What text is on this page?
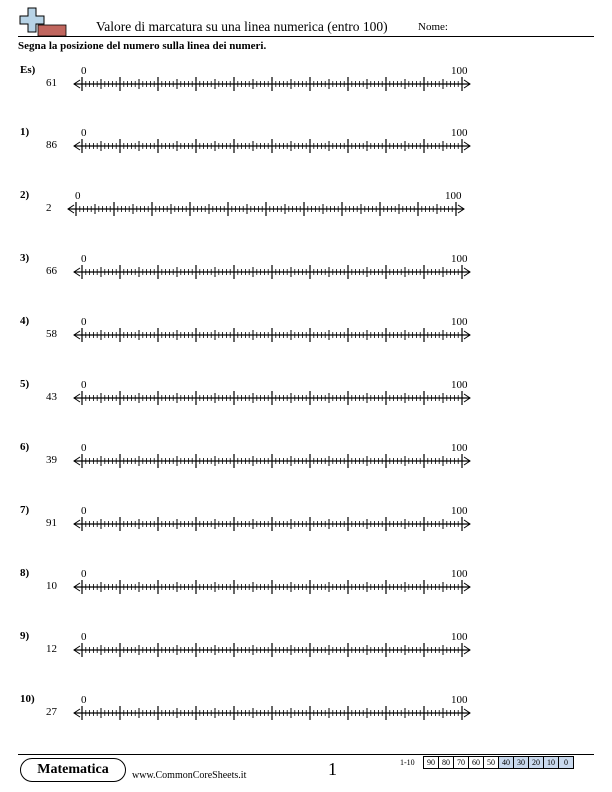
Valore di marcatura su una linea numerica (entro 100)	Nome:
Segna la posizione del numero sulla linea dei numeri.
Es)
61
0	100
1)
86
0	100
2)
2
0	100
3)
66
0	100
4)
58
0	100
5)
43
0	100
6)
39
0	100
7)
91
0	100
8)
10
0	100
9)
12
0	100
10)
27
0	100
Matematica	www.CommonCoreSheets.it	1	1-10 90	80	70	60	50	40	30	20	10	0
